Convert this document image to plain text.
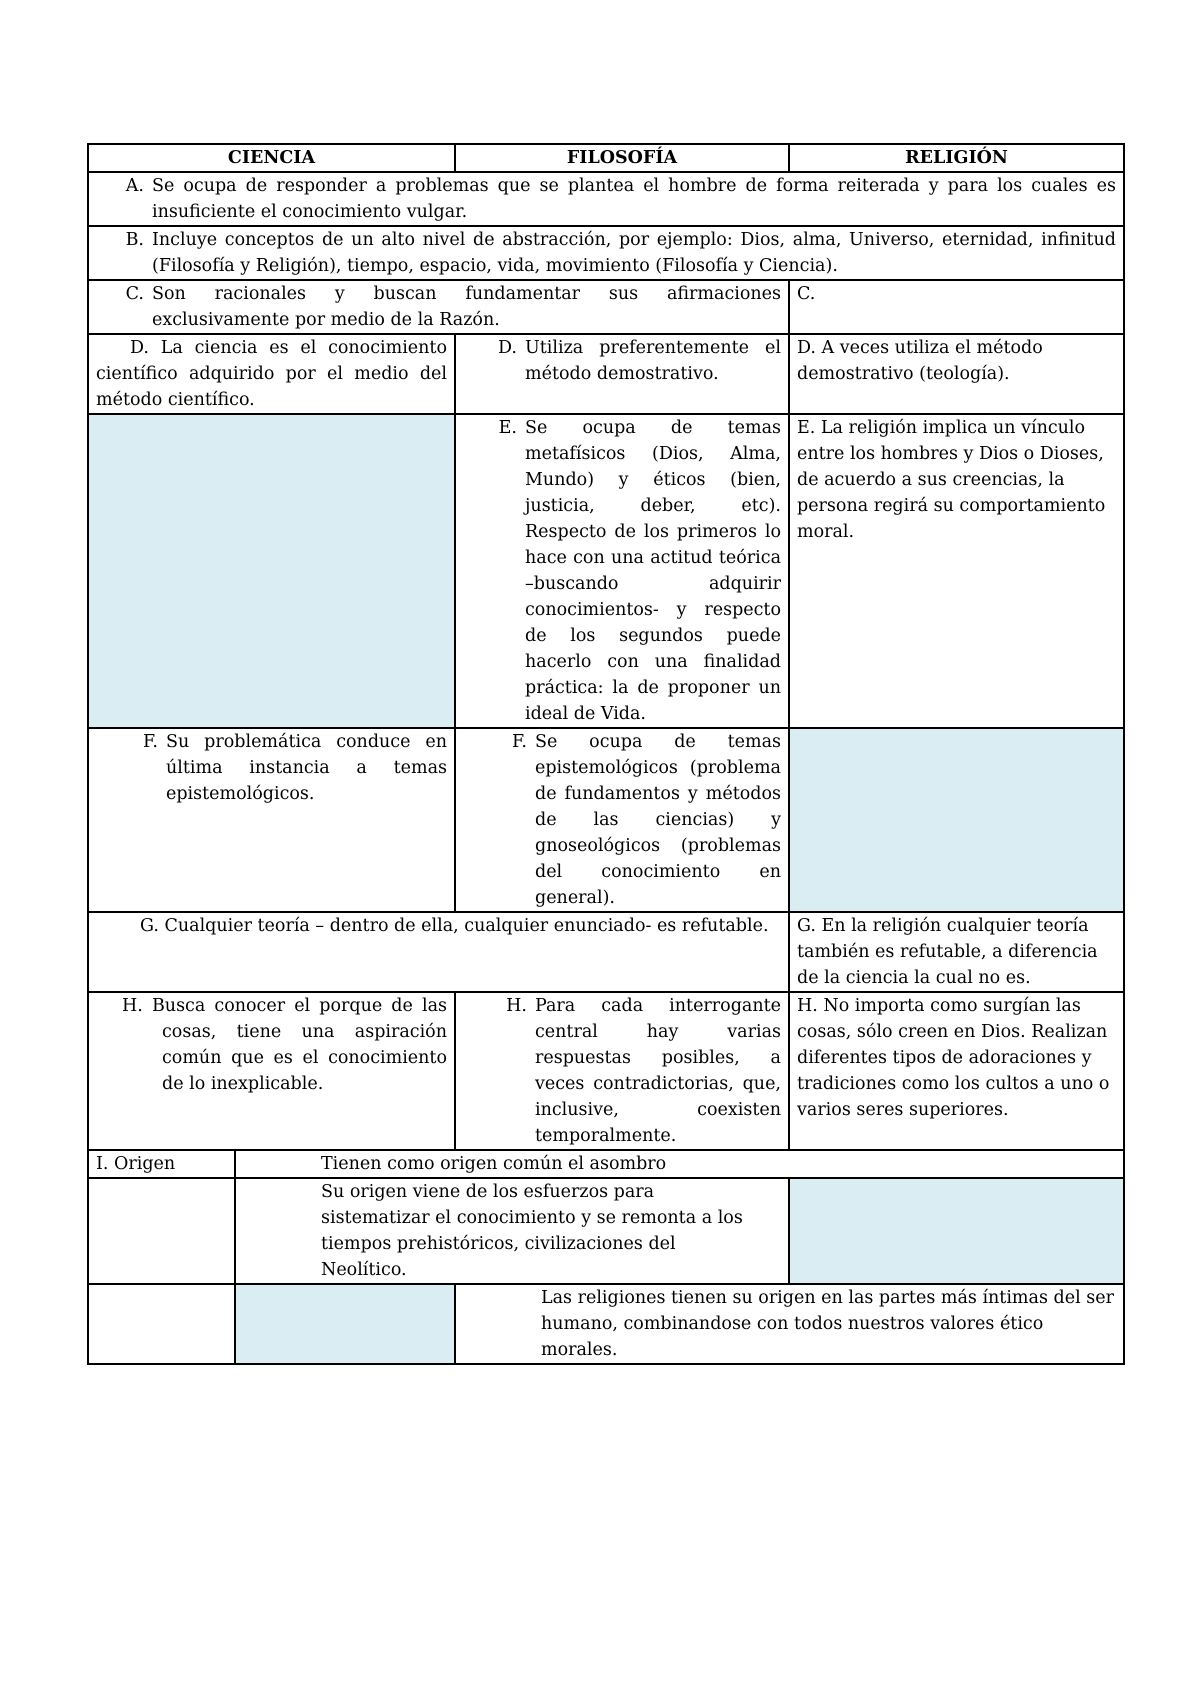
CIENCIA		FILOSOFÍA	RELIGIÓN

A. Se ocupa de responder a problemas que se plantea el hombre de forma reiterada y para los cuales es insuficiente el conocimiento vulgar.			

B. Incluye conceptos de un alto nivel de abstracción, por ejemplo: Dios, alma, Universo, eternidad, infinitud (Filosofía y Religión), tiempo, espacio, vida, movimiento (Filosofía y Ciencia).			

C. Son racionales y buscan fundamentar sus afirmaciones exclusivamente por medio de la Razón.			C.

D. La ciencia es el conocimiento científico adquirido por el medio del método científico.		D. Utiliza preferentemente el método demostrativo.	D. A veces utiliza el método demostrativo (teología).

		E. Se ocupa de temas metafísicos (Dios, Alma, Mundo) y éticos (bien, justicia, deber, etc). Respecto de los primeros lo hace con una actitud teórica –buscando adquirir conocimientos- y respecto de los segundos puede hacerlo con una finalidad práctica: la de proponer un ideal de Vida.	E. La religión implica un vínculo entre los hombres y Dios o Dioses, de acuerdo a sus creencias, la persona regirá su comportamiento moral.

F. Su problemática conduce en última instancia a temas epistemológicos.		F. Se ocupa de temas epistemológicos (problema de fundamentos y métodos de las ciencias) y gnoseológicos (problemas del conocimiento en general).	

G. Cualquier teoría – dentro de ella, cualquier enunciado- es refutable.			G. En la religión cualquier teoría también es refutable, a diferencia de la ciencia la cual no es.

H. Busca conocer el porque de las cosas, tiene una aspiración común que es el conocimiento de lo inexplicable.		H. Para cada interrogante central hay varias respuestas posibles, a veces contradictorias, que, inclusive, coexisten temporalmente.	H. No importa como surgían las cosas, sólo creen en Dios. Realizan diferentes tipos de adoraciones y tradiciones como los cultos a uno o varios seres superiores.
I. Origen	Tienen como origen común el asombro		

	Su origen viene de los esfuerzos para sistematizar el conocimiento y se remonta a los tiempos prehistóricos, civilizaciones del Neolítico.		

		Las religiones tienen su origen en las partes más íntimas del ser humano, combinandose con todos nuestros valores ético morales.	
